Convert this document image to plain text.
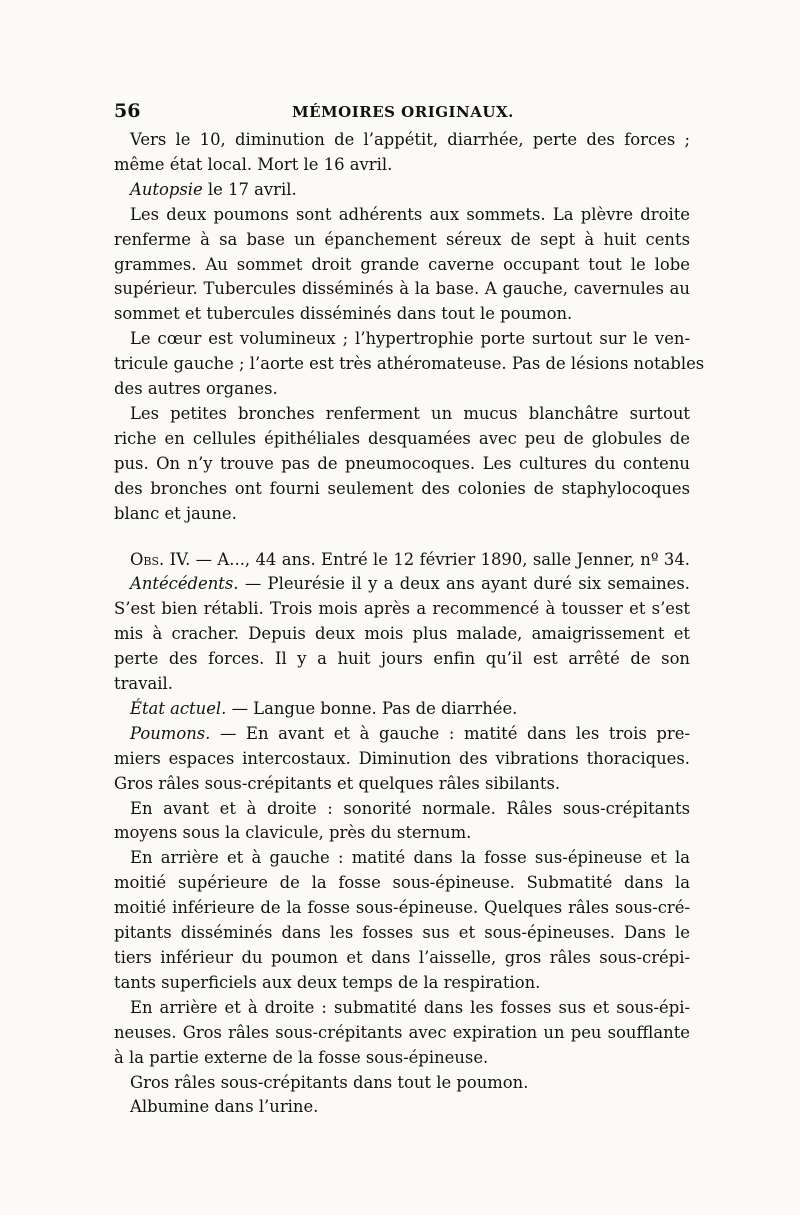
56	MÉMOIRES ORIGINAUX.
Vers le 10, diminution de l’appétit, diarrhée, perte des forces ;
même état local. Mort le 16 avril.
Autopsie le 17 avril.
Les deux poumons sont adhérents aux sommets. La plèvre droite
renferme à sa base un épanchement séreux de sept à huit cents
grammes. Au sommet droit grande caverne occupant tout le lobe
supérieur. Tubercules disséminés à la base. A gauche, cavernules au
sommet et tubercules disséminés dans tout le poumon.
Le cœur est volumineux ; l’hypertrophie porte surtout sur le ven-
tricule gauche ; l’aorte est très athéromateuse. Pas de lésions notables
des autres organes.
Les petites bronches renferment un mucus blanchâtre surtout
riche en cellules épithéliales desquamées avec peu de globules de
pus. On n’y trouve pas de pneumocoques. Les cultures du contenu
des bronches ont fourni seulement des colonies de staphylocoques
blanc et jaune.
Obs. IV. — A..., 44 ans. Entré le 12 février 1890, salle Jenner, nº 34.
Antécédents. — Pleurésie il y a deux ans ayant duré six semaines.
S’est bien rétabli. Trois mois après a recommencé à tousser et s’est
mis à cracher. Depuis deux mois plus malade, amaigrissement et
perte des forces. Il y a huit jours enfin qu’il est arrêté de son
travail.
État actuel. — Langue bonne. Pas de diarrhée.
Poumons. — En avant et à gauche : matité dans les trois pre-
miers espaces intercostaux. Diminution des vibrations thoraciques.
Gros râles sous-crépitants et quelques râles sibilants.
En avant et à droite : sonorité normale. Râles sous-crépitants
moyens sous la clavicule, près du sternum.
En arrière et à gauche : matité dans la fosse sus-épineuse et la
moitié supérieure de la fosse sous-épineuse. Submatité dans la
moitié inférieure de la fosse sous-épineuse. Quelques râles sous-cré-
pitants disséminés dans les fosses sus et sous-épineuses. Dans le
tiers inférieur du poumon et dans l’aisselle, gros râles sous-crépi-
tants superficiels aux deux temps de la respiration.
En arrière et à droite : submatité dans les fosses sus et sous-épi-
neuses. Gros râles sous-crépitants avec expiration un peu soufflante
à la partie externe de la fosse sous-épineuse.
Gros râles sous-crépitants dans tout le poumon.
Albumine dans l’urine.
